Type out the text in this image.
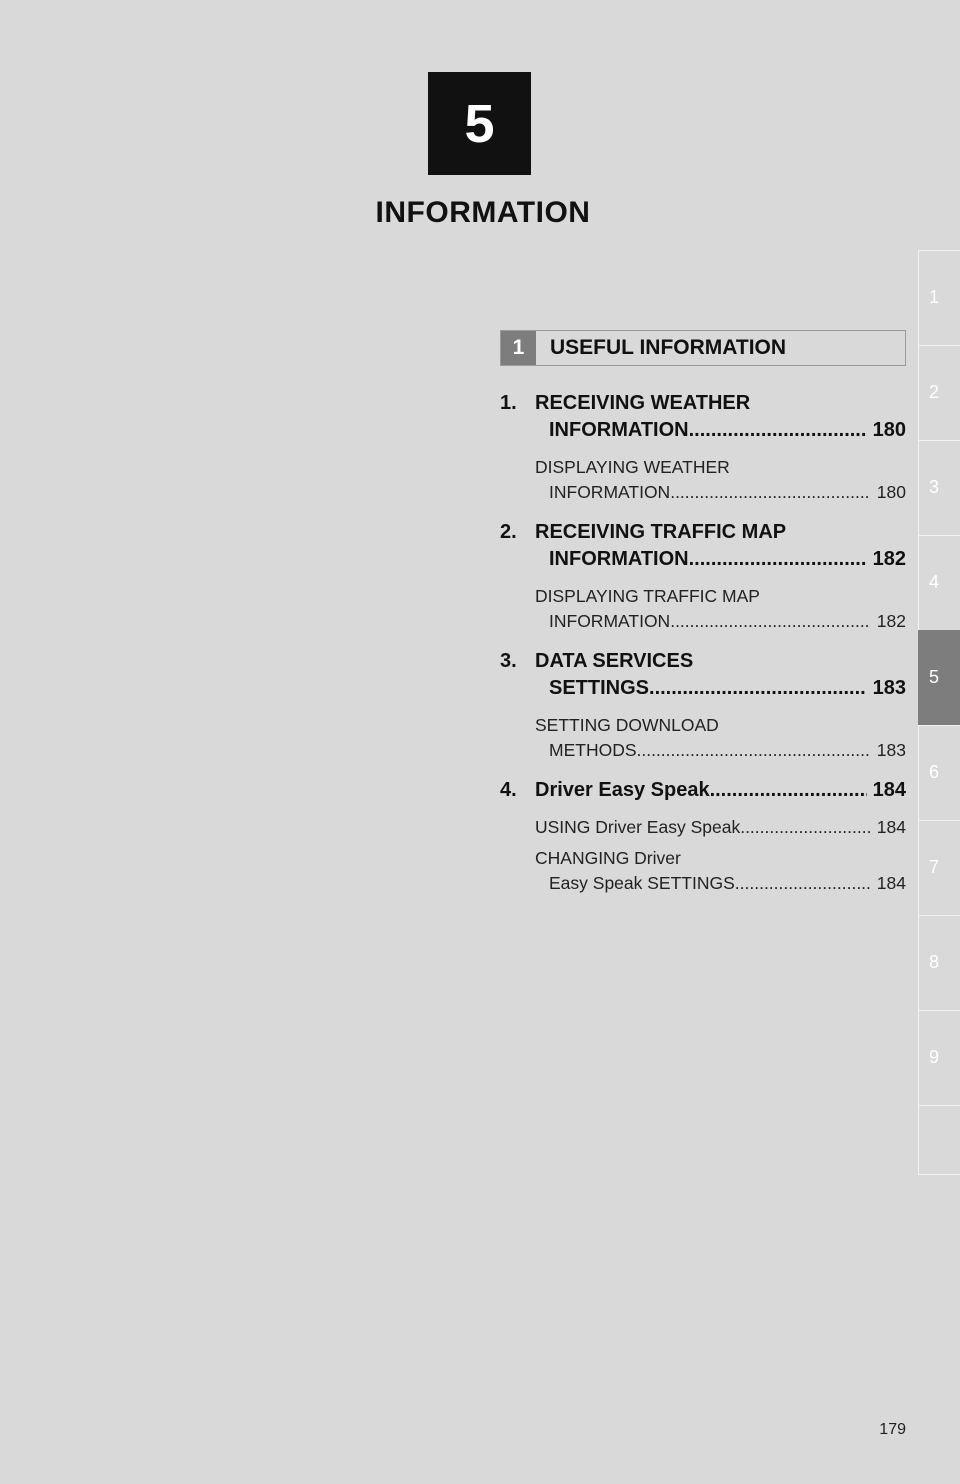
5
INFORMATION
1
2
3
4
5
6
7
8
9
1	USEFUL INFORMATION
1. RECEIVING WEATHER
INFORMATION .....	180
DISPLAYING WEATHER
INFORMATION .....	180
2. RECEIVING TRAFFIC MAP
INFORMATION .....	182
DISPLAYING TRAFFIC MAP
INFORMATION .....	182
3. DATA SERVICES
SETTINGS .....	183
SETTING DOWNLOAD
METHODS .....	183
4. Driver Easy Speak .....	184
USING Driver Easy Speak .....	184
CHANGING Driver
Easy Speak SETTINGS .....	184
179
